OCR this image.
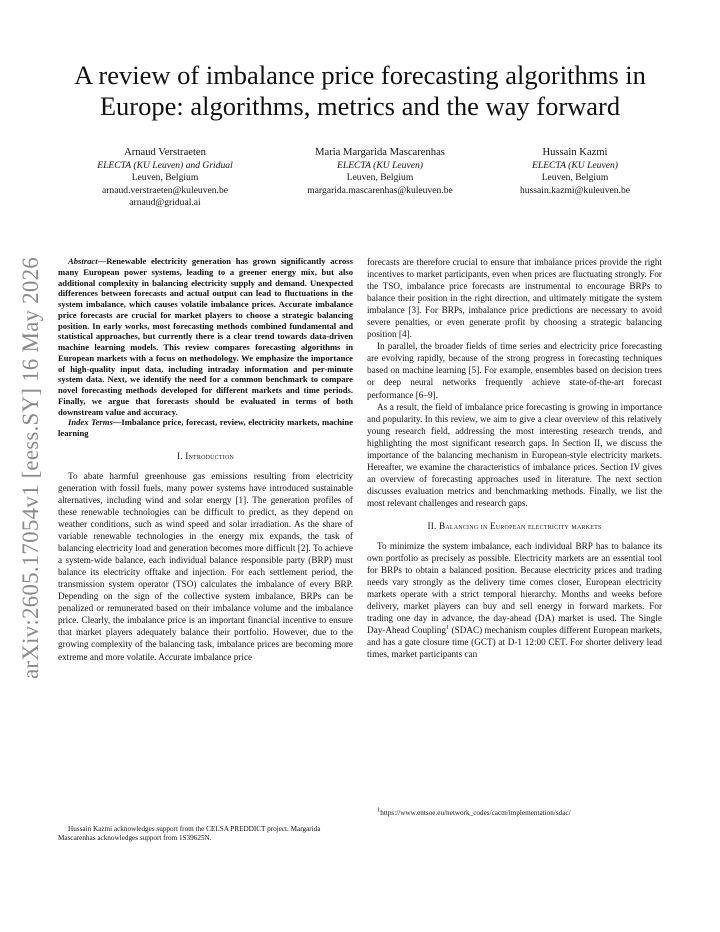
arXiv:2605.17054v1 [eess.SY] 16 May 2026
A review of imbalance price forecasting algorithms in Europe: algorithms, metrics and the way forward
Arnaud Verstraeten
ELECTA (KU Leuven) and Gridual
Leuven, Belgium
arnaud.verstraeten@kuleuven.be
arnaud@gridual.ai
Maria Margarida Mascarenhas
ELECTA (KU Leuven)
Leuven, Belgium
margarida.mascarenhas@kuleuven.be
Hussain Kazmi
ELECTA (KU Leuven)
Leuven, Belgium
hussain.kazmi@kuleuven.be

Abstract—Renewable electricity generation has grown significantly across many European power systems, leading to a greener energy mix, but also additional complexity in balancing electricity supply and demand. Unexpected differences between forecasts and actual output can lead to fluctuations in the system imbalance, which causes volatile imbalance prices. Accurate imbalance price forecasts are crucial for market players to choose a strategic balancing position. In early works, most forecasting methods combined fundamental and statistical approaches, but currently there is a clear trend towards data-driven machine learning models. This review compares forecasting algorithms in European markets with a focus on methodology. We emphasize the importance of high-quality input data, including intraday information and per-minute system data. Next, we identify the need for a common benchmark to compare novel forecasting methods developed for different markets and time periods. Finally, we argue that forecasts should be evaluated in terms of both downstream value and accuracy.

Index Terms—Imbalance price, forecast, review, electricity markets, machine learning

I. Introduction

To abate harmful greenhouse gas emissions resulting from electricity generation with fossil fuels, many power systems have introduced sustainable alternatives, including wind and solar energy [1]. The generation profiles of these renewable technologies can be difficult to predict, as they depend on weather conditions, such as wind speed and solar irradiation. As the share of variable renewable technologies in the energy mix expands, the task of balancing electricity load and generation becomes more difficult [2]. To achieve a system-wide balance, each individual balance responsible party (BRP) must balance its electricity offtake and injection. For each settlement period, the transmission system operator (TSO) calculates the imbalance of every BRP. Depending on the sign of the collective system imbalance, BRPs can be penalized or remunerated based on their imbalance volume and the imbalance price. Clearly, the imbalance price is an important financial incentive to ensure that market players adequately balance their portfolio. However, due to the growing complexity of the balancing task, imbalance prices are becoming more extreme and more volatile. Accurate imbalance price

forecasts are therefore crucial to ensure that imbalance prices provide the right incentives to market participants, even when prices are fluctuating strongly. For the TSO, imbalance price forecasts are instrumental to encourage BRPs to balance their position in the right direction, and ultimately mitigate the system imbalance [3]. For BRPs, imbalance price predictions are necessary to avoid severe penalties, or even generate profit by choosing a strategic balancing position [4].

In parallel, the broader fields of time series and electricity price forecasting are evolving rapidly, because of the strong progress in forecasting techniques based on machine learning [5]. For example, ensembles based on decision trees or deep neural networks frequently achieve state-of-the-art forecast performance [6–9].

As a result, the field of imbalance price forecasting is growing in importance and popularity. In this review, we aim to give a clear overview of this relatively young research field, addressing the most interesting research trends, and highlighting the most significant research gaps. In Section II, we discuss the importance of the balancing mechanism in European-style electricity markets. Hereafter, we examine the characteristics of imbalance prices. Section IV gives an overview of forecasting approaches used in literature. The next section discusses evaluation metrics and benchmarking methods. Finally, we list the most relevant challenges and research gaps.

II. Balancing in European electricity markets

To minimize the system imbalance, each individual BRP has to balance its own portfolio as precisely as possible. Electricity markets are an essential tool for BRPs to obtain a balanced position. Because electricity prices and trading needs vary strongly as the delivery time comes closer, European electricity markets operate with a strict temporal hierarchy. Months and weeks before delivery, market players can buy and sell energy in forward markets. For trading one day in advance, the day-ahead (DA) market is used. The Single Day-Ahead Coupling$^1$ (SDAC) mechanism couples different European markets, and has a gate closure time (GCT) at D-1 12:00 CET. For shorter delivery lead times, market participants can

Hussain Kazmi acknowledges support from the CELSA PREDDICT project. Margarida Mascarenhas acknowledges support from 1S39625N.

$^1$https://www.entsoe.eu/network_codes/cacm/implementation/sdac/
